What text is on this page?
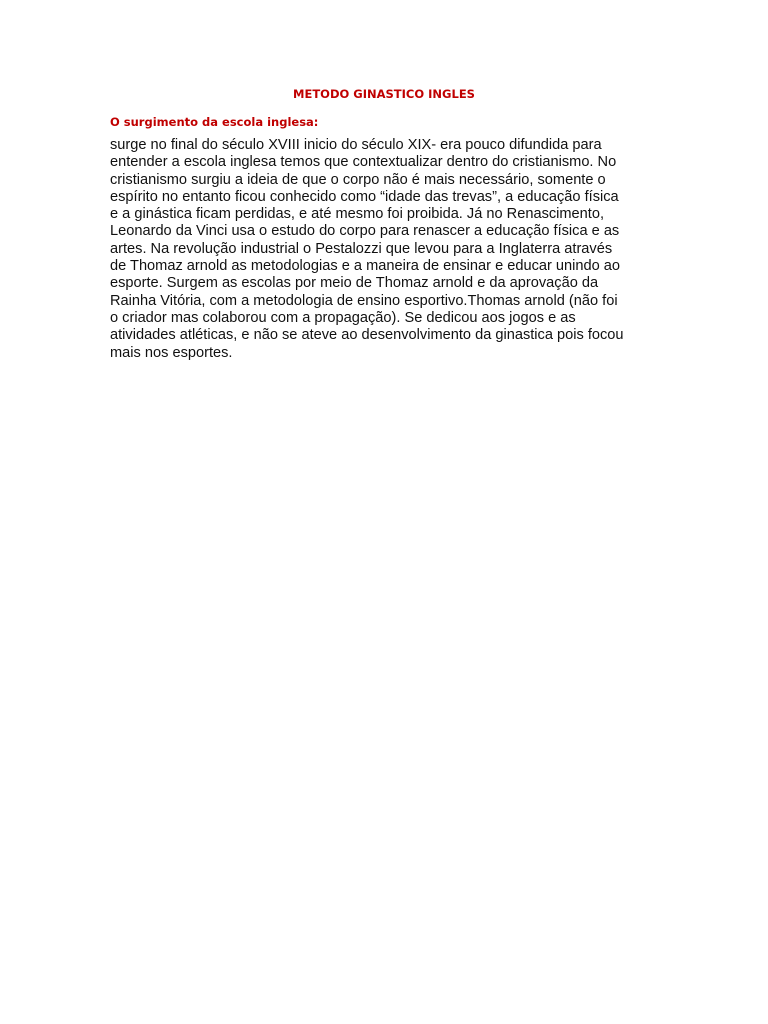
METODO GINASTICO INGLES
O surgimento da escola inglesa:
surge no final do século XVIII inicio do século XIX- era pouco difundida para
entender a escola inglesa temos que contextualizar dentro do cristianismo. No
cristianismo surgiu a ideia de que o corpo não é mais necessário, somente o
espírito no entanto ficou conhecido como “idade das trevas”, a educação física
e a ginástica ficam perdidas, e até mesmo foi proibida. Já no Renascimento,
Leonardo da Vinci usa o estudo do corpo para renascer a educação física e as
artes. Na revolução industrial o Pestalozzi que levou para a Inglaterra através
de Thomaz arnold as metodologias e a maneira de ensinar e educar unindo ao
esporte. Surgem as escolas por meio de Thomaz arnold e da aprovação da
Rainha Vitória, com a metodologia de ensino esportivo.Thomas arnold (não foi
o criador mas colaborou com a propagação). Se dedicou aos jogos e as
atividades atléticas, e não se ateve ao desenvolvimento da ginastica pois focou
mais nos esportes.
